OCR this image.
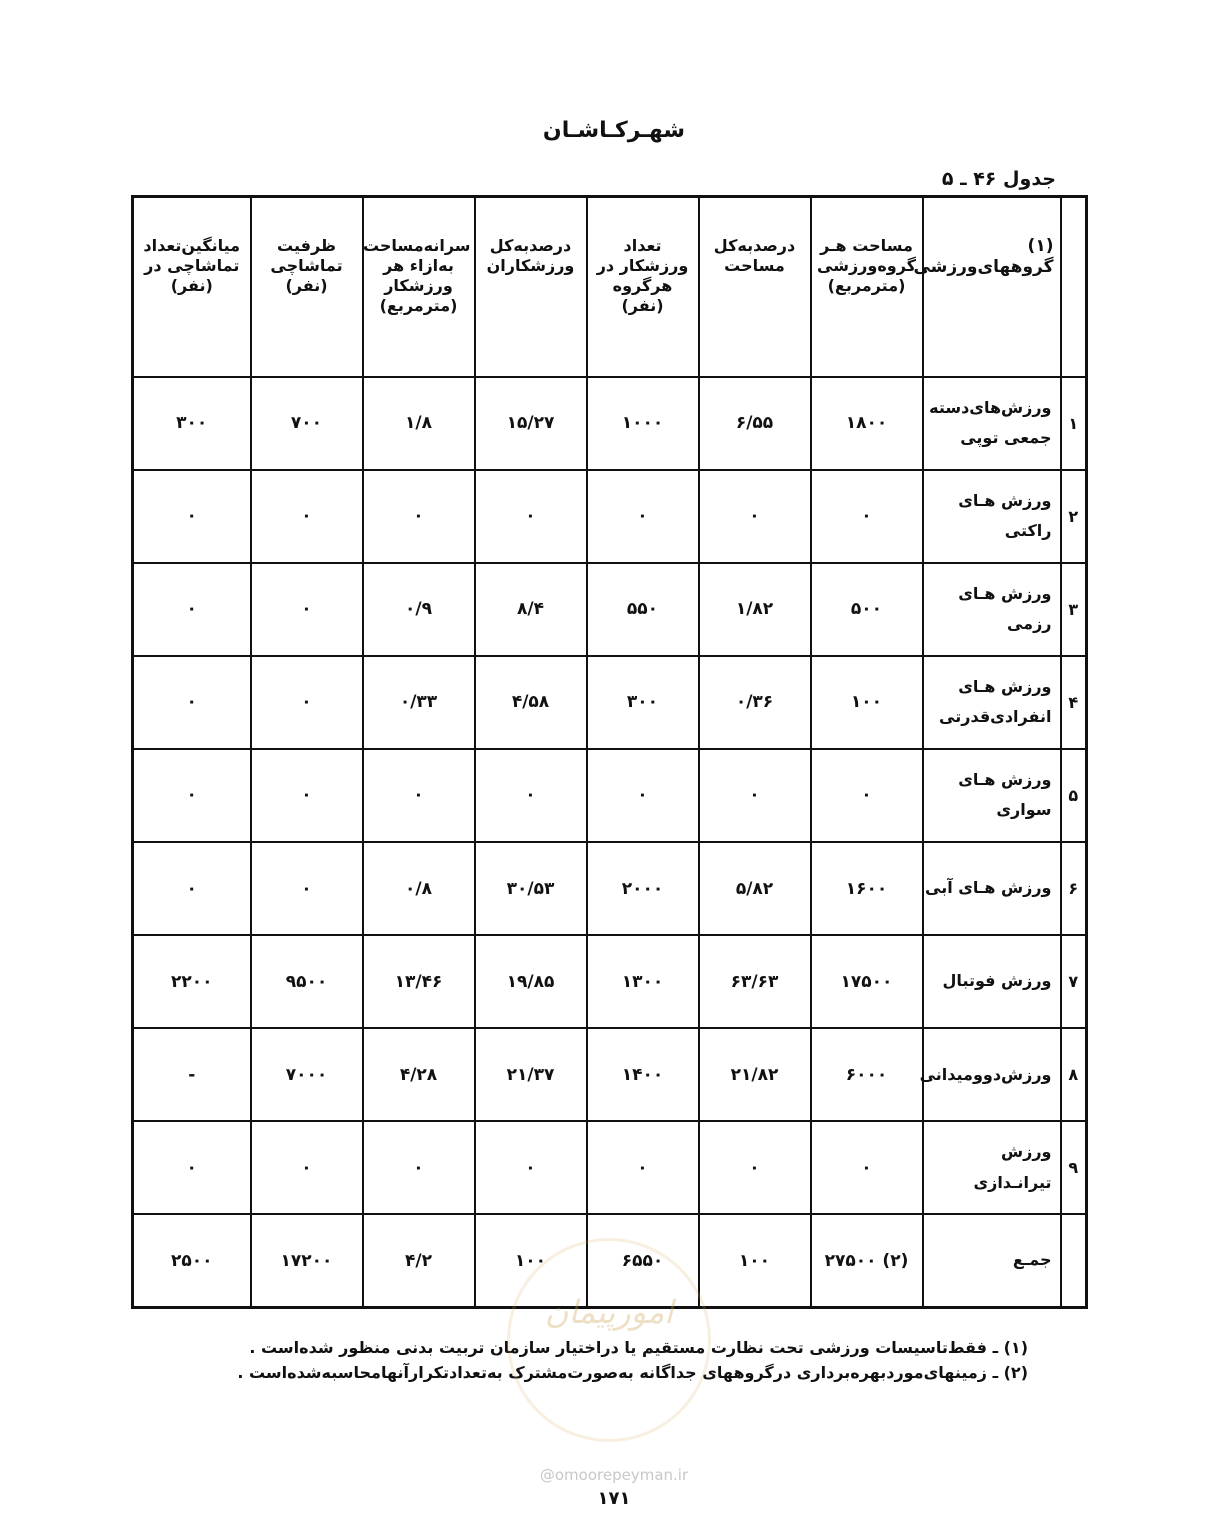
شهـرکـاشـان
جدول ۴۶ ـ ۵
	(۱) گروههای‌ورزشی	مساحت هـر گروه‌ورزشی (مترمربع)	درصدبه‌کل مساحت	تعداد ورزشکار در هرگروه (نفر)	درصدبه‌کل ورزشکاران	سرانه‌مساحت به‌ازاء هر ورزشکار (مترمربع)	ظرفیت تماشاچی (نفر)	میانگین‌تعداد تماشاچی در (نفر)
۱	ورزش‌های‌دسته جمعی توپی	۱۸۰۰	۶/۵۵	۱۰۰۰	۱۵/۲۷	۱/۸	۷۰۰	۳۰۰
۲	ورزش هـای راکتی	۰	۰	۰	۰	۰	۰	۰
۳	ورزش هـای رزمی	۵۰۰	۱/۸۲	۵۵۰	۸/۴	۰/۹	۰	۰
۴	ورزش هـای انفرادی‌قدرتی	۱۰۰	۰/۳۶	۳۰۰	۴/۵۸	۰/۳۳	۰	۰
۵	ورزش هـای سواری	۰	۰	۰	۰	۰	۰	۰
۶	ورزش هـای آبی	۱۶۰۰	۵/۸۲	۲۰۰۰	۳۰/۵۳	۰/۸	۰	۰
۷	ورزش فوتبال	۱۷۵۰۰	۶۳/۶۳	۱۳۰۰	۱۹/۸۵	۱۳/۴۶	۹۵۰۰	۲۲۰۰
۸	ورزش‌دوومیدانی	۶۰۰۰	۲۱/۸۲	۱۴۰۰	۲۱/۳۷	۴/۲۸	۷۰۰۰	-
۹	ورزش تیرانـدازی	۰	۰	۰	۰	۰	۰	۰
	جمـع	(۲) ۲۷۵۰۰	۱۰۰	۶۵۵۰	۱۰۰	۴/۲	۱۷۲۰۰	۲۵۰۰
(۱) ـ فقط‌تاسیسات ورزشی تحت نظارت مستقیم یا دراختیار سازمان تربیت بدنی منظور شده‌است .
(۲) ـ زمینهای‌موردبهره‌برداری درگروههای جداگانه به‌صورت‌مشترک به‌تعدادتکرارآنهامحاسبه‌شده‌است .
امورپیمان
@omoorepeyman.ir
۱۷۱
